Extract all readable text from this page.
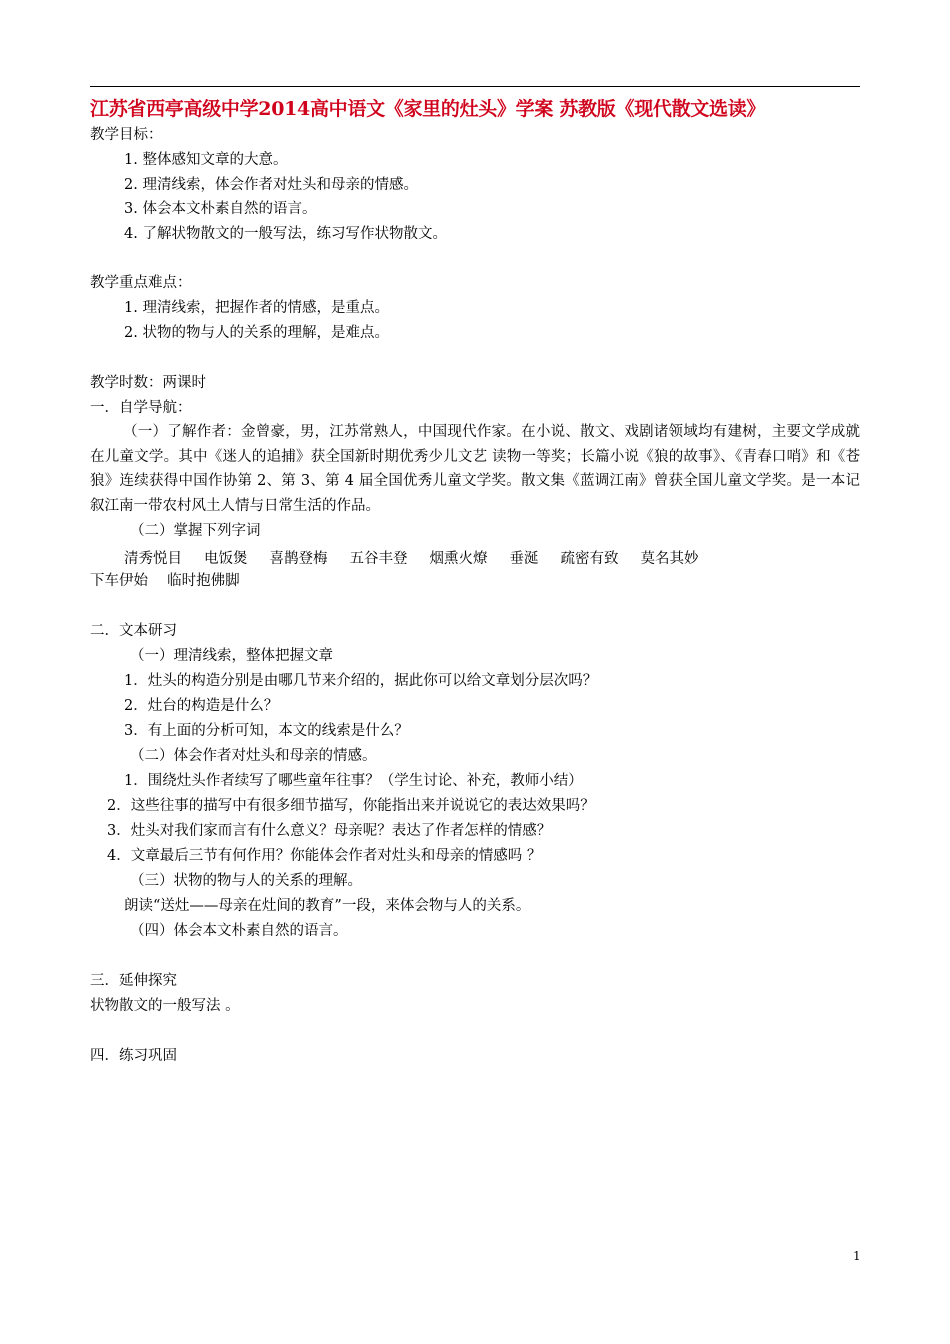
江苏省西亭高级中学2014高中语文《家里的灶头》学案 苏教版《现代散文选读》
教学目标：
1. 整体感知文章的大意。
2. 理清线索，体会作者对灶头和母亲的情感。
3. 体会本文朴素自然的语言。
4. 了解状物散文的一般写法，练习写作状物散文。
教学重点难点：
1. 理清线索，把握作者的情感，是重点。
2. 状物的物与人的关系的理解，是难点。
教学时数：两课时
一．自学导航：
（一）了解作者：金曾豪，男，江苏常熟人，中国现代作家。在小说、散文、戏剧诸领域均有建树，主要文学成就在儿童文学。其中《迷人的追捕》获全国新时期优秀少儿文艺 读物一等奖；长篇小说《狼的故事》、《青春口哨》和《苍狼》连续获得中国作协第 2、第 3、第 4 届全国优秀儿童文学奖。散文集《蓝调江南》曾获全国儿童文学奖。是一本记叙江南一带农村风土人情与日常生活的作品。
（二）掌握下列字词
清秀悦目 电饭煲 喜鹊登梅 五谷丰登 烟熏火燎 垂涎 疏密有致 莫名其妙
下车伊始　 临时抱佛脚
二．文本研习
（一）理清线索，整体把握文章
1．灶头的构造分别是由哪几节来介绍的，据此你可以给文章划分层次吗？
2．灶台的构造是什么？
3．有上面的分析可知，本文的线索是什么？
（二）体会作者对灶头和母亲的情感。
1．围绕灶头作者续写了哪些童年往事？（学生讨论、补充，教师小结）
2．这些往事的描写中有很多细节描写，你能指出来并说说它的表达效果吗？
3．灶头对我们家而言有什么意义？母亲呢？表达了作者怎样的情感？
4．文章最后三节有何作用？你能体会作者对灶头和母亲的情感吗 ？
（三）状物的物与人的关系的理解。
朗读“送灶——母亲在灶间的教育”一段，来体会物与人的关系。
（四）体会本文朴素自然的语言。
三．延伸探究
状物散文的一般写法 。
四．练习巩固
1
